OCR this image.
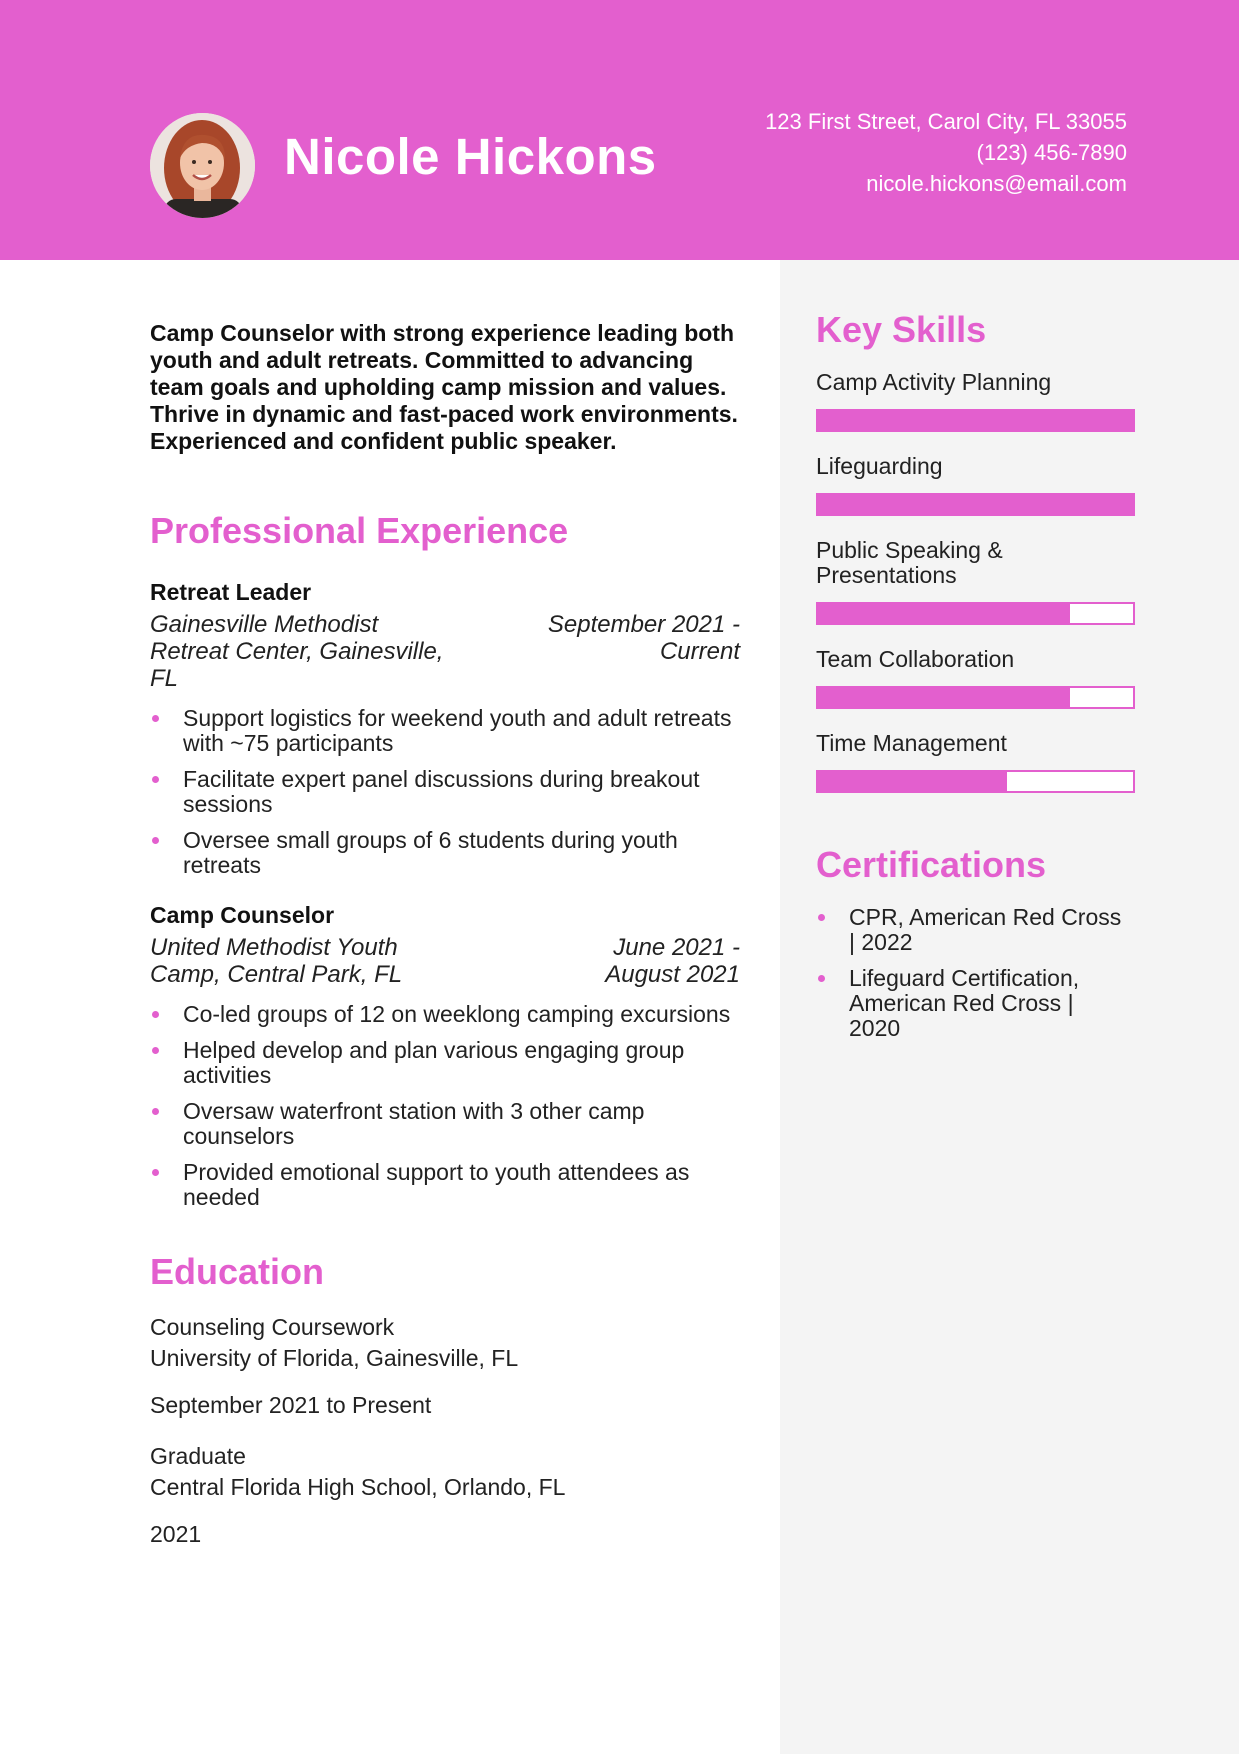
Nicole Hickons
123 First Street, Carol City, FL 33055
(123) 456-7890
nicole.hickons@email.com

Camp Counselor with strong experience leading both youth and adult retreats. Committed to advancing team goals and upholding camp mission and values. Thrive in dynamic and fast-paced work environments. Experienced and confident public speaker.

Professional Experience
Retreat Leader
Gainesville Methodist Retreat Center, Gainesville, FL
September 2021 - Current
Support logistics for weekend youth and adult retreats with ~75 participants
Facilitate expert panel discussions during breakout sessions
Oversee small groups of 6 students during youth retreats
Camp Counselor
United Methodist Youth Camp, Central Park, FL
June 2021 - August 2021
Co-led groups of 12 on weeklong camping excursions
Helped develop and plan various engaging group activities
Oversaw waterfront station with 3 other camp counselors
Provided emotional support to youth attendees as needed
Education
Counseling Coursework
University of Florida, Gainesville, FL
September 2021 to Present
Graduate
Central Florida High School, Orlando, FL
2021
Key Skills
Camp Activity Planning
Lifeguarding
Public Speaking & Presentations
Team Collaboration
Time Management
Certifications
CPR, American Red Cross | 2022
Lifeguard Certification, American Red Cross | 2020
